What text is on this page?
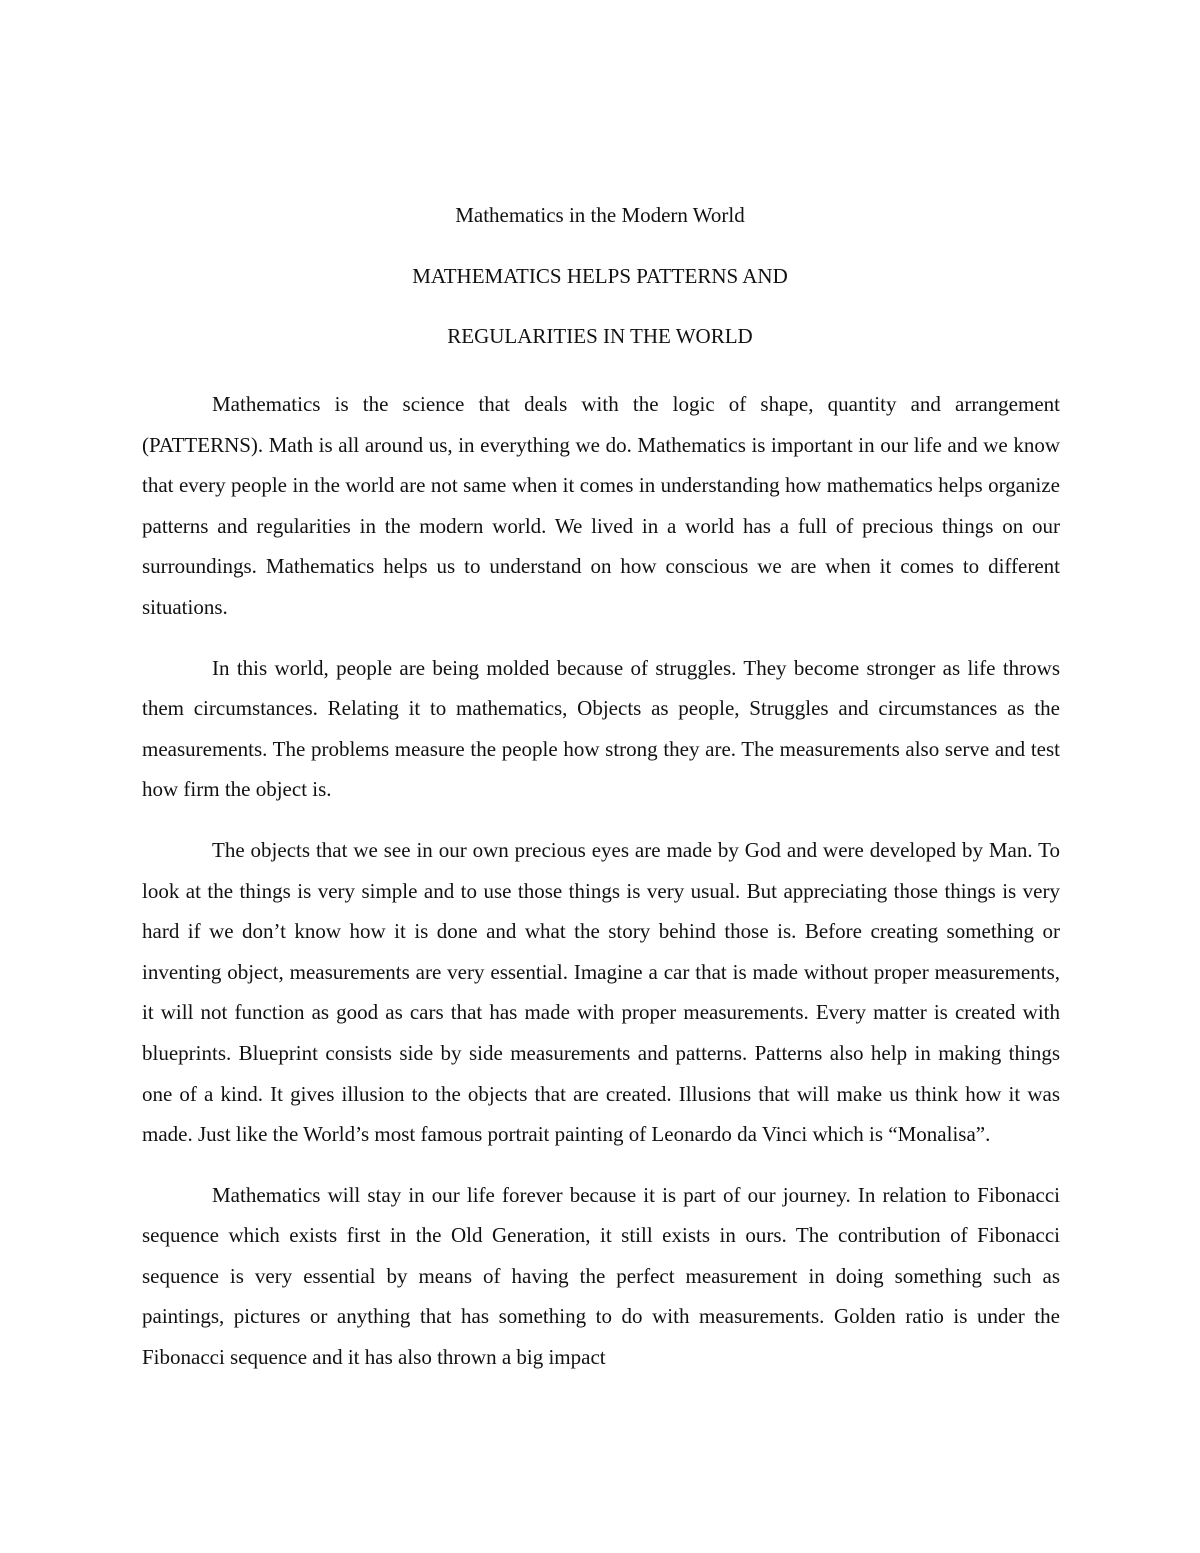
Mathematics in the Modern World

MATHEMATICS HELPS PATTERNS AND

REGULARITIES IN THE WORLD

Mathematics is the science that deals with the logic of shape, quantity and arrangement (PATTERNS). Math is all around us, in everything we do. Mathematics is important in our life and we know that every people in the world are not same when it comes in understanding how mathematics helps organize patterns and regularities in the modern world. We lived in a world has a full of precious things on our surroundings. Mathematics helps us to understand on how conscious we are when it comes to different situations.

In this world, people are being molded because of struggles. They become stronger as life throws them circumstances. Relating it to mathematics, Objects as people, Struggles and circumstances as the measurements. The problems measure the people how strong they are. The measurements also serve and test how firm the object is.

The objects that we see in our own precious eyes are made by God and were developed by Man. To look at the things is very simple and to use those things is very usual. But appreciating those things is very hard if we don’t know how it is done and what the story behind those is. Before creating something or inventing object, measurements are very essential. Imagine a car that is made without proper measurements, it will not function as good as cars that has made with proper measurements. Every matter is created with blueprints. Blueprint consists side by side measurements and patterns. Patterns also help in making things one of a kind. It gives illusion to the objects that are created. Illusions that will make us think how it was made. Just like the World’s most famous portrait painting of Leonardo da Vinci which is “Monalisa”.

Mathematics will stay in our life forever because it is part of our journey. In relation to Fibonacci sequence which exists first in the Old Generation, it still exists in ours. The contribution of Fibonacci sequence is very essential by means of having the perfect measurement in doing something such as paintings, pictures or anything that has something to do with measurements. Golden ratio is under the Fibonacci sequence and it has also thrown a big impact
